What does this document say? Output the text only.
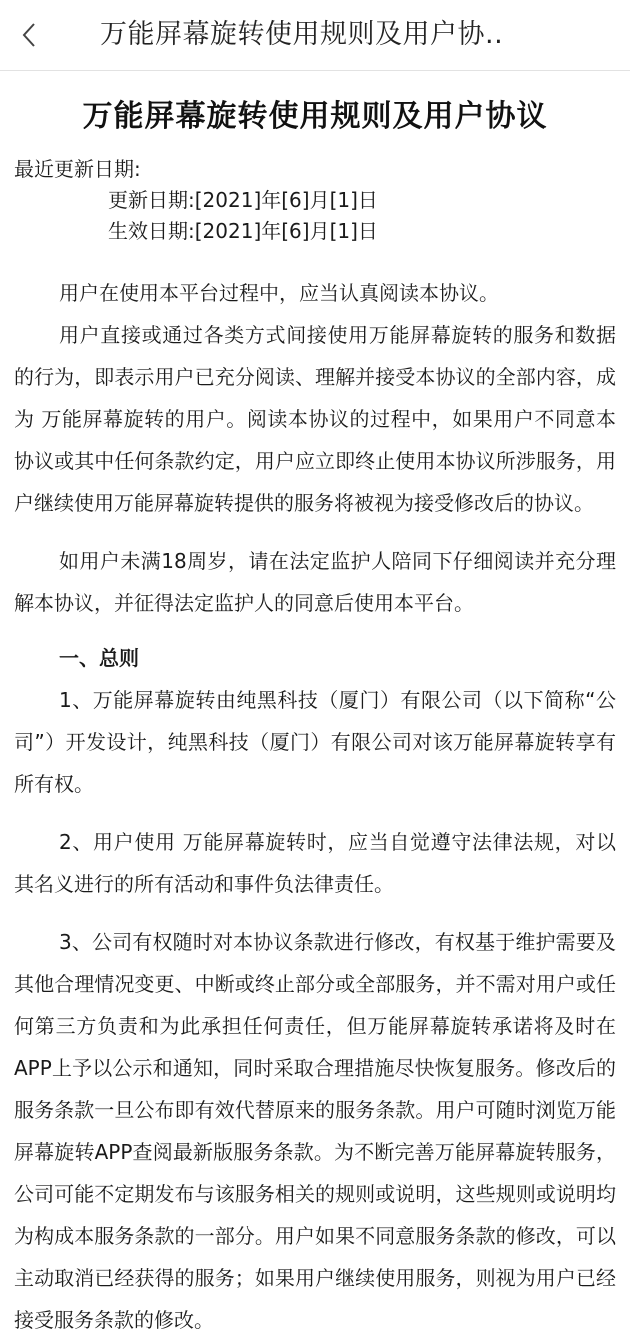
万能屏幕旋转使用规则及用户协..
万能屏幕旋转使用规则及用户协议
最近更新日期:
更新日期:[2021]年[6]月[1]日
生效日期:[2021]年[6]月[1]日

用户在使用本平台过程中，应当认真阅读本协议。

用户直接或通过各类方式间接使用万能屏幕旋转的服务和数据的行为，即表示用户已充分阅读、理解并接受本协议的全部内容，成为 万能屏幕旋转的用户。阅读本协议的过程中，如果用户不同意本协议或其中任何条款约定，用户应立即终止使用本协议所涉服务，用户继续使用万能屏幕旋转提供的服务将被视为接受修改后的协议。

如用户未满18周岁，请在法定监护人陪同下仔细阅读并充分理解本协议，并征得法定监护人的同意后使用本平台。

一、总则

1、万能屏幕旋转由纯黑科技（厦门）有限公司（以下简称“公司”）开发设计，纯黑科技（厦门）有限公司对该万能屏幕旋转享有所有权。

2、用户使用 万能屏幕旋转时，应当自觉遵守法律法规，对以其名义进行的所有活动和事件负法律责任。

3、公司有权随时对本协议条款进行修改，有权基于维护需要及其他合理情况变更、中断或终止部分或全部服务，并不需对用户或任何第三方负责和为此承担任何责任，但万能屏幕旋转承诺将及时在APP上予以公示和通知，同时采取合理措施尽快恢复服务。修改后的服务条款一旦公布即有效代替原来的服务条款。用户可随时浏览万能屏幕旋转APP查阅最新版服务条款。为不断完善万能屏幕旋转服务，公司可能不定期发布与该服务相关的规则或说明，这些规则或说明均为构成本服务条款的一部分。用户如果不同意服务条款的修改，可以主动取消已经获得的服务；如果用户继续使用服务，则视为用户已经接受服务条款的修改。
